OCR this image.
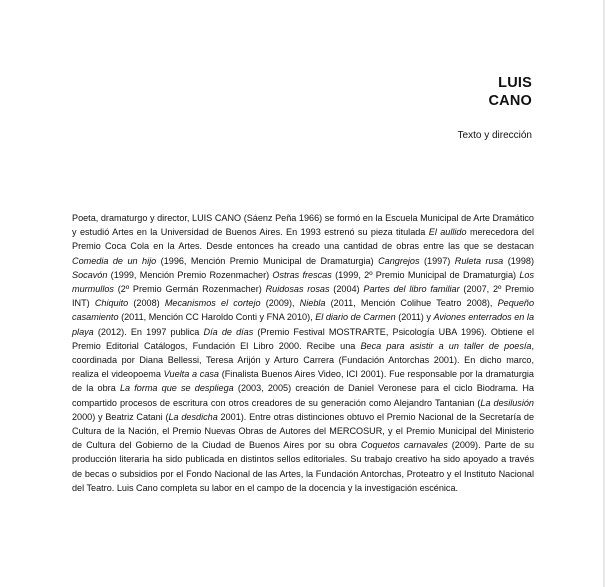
LUIS
CANO
Texto y dirección
Poeta, dramaturgo y director, LUIS CANO (Sáenz Peña 1966) se formó en la Escuela Municipal de Arte Dramático y estudió Artes en la Universidad de Buenos Aires. En 1993 estrenó su pieza titulada El aullido merecedora del Premio Coca Cola en la Artes. Desde entonces ha creado una cantidad de obras entre las que se destacan Comedia de un hijo (1996, Mención Premio Municipal de Dramaturgia) Cangrejos (1997) Ruleta rusa (1998) Socavón (1999, Mención Premio Rozenmacher) Ostras frescas (1999, 2º Premio Municipal de Dramaturgia) Los murmullos (2º Premio Germán Rozenmacher) Ruidosas rosas (2004) Partes del libro familiar (2007, 2º Premio INT) Chiquito (2008) Mecanismos el cortejo (2009), Niebla (2011, Mención Colihue Teatro 2008), Pequeño casamiento (2011, Mención CC Haroldo Conti y FNA 2010), El diario de Carmen (2011) y Aviones enterrados en la playa (2012). En 1997 publica Día de días (Premio Festival MOSTRARTE, Psicología UBA 1996). Obtiene el Premio Editorial Catálogos, Fundación El Libro 2000. Recibe una Beca para asistir a un taller de poesía, coordinada por Diana Bellessi, Teresa Arijón y Arturo Carrera (Fundación Antorchas 2001). En dicho marco, realiza el videopoema Vuelta a casa (Finalista Buenos Aires Video, ICI 2001). Fue responsable por la dramaturgia de la obra La forma que se despliega (2003, 2005) creación de Daniel Veronese para el ciclo Biodrama. Ha compartido procesos de escritura con otros creadores de su generación como Alejandro Tantanian (La desilusión 2000) y Beatriz Catani (La desdicha 2001). Entre otras distinciones obtuvo el Premio Nacional de la Secretaría de Cultura de la Nación, el Premio Nuevas Obras de Autores del MERCOSUR, y el Premio Municipal del Ministerio de Cultura del Gobierno de la Ciudad de Buenos Aires por su obra Coquetos carnavales (2009). Parte de su producción literaria ha sido publicada en distintos sellos editoriales. Su trabajo creativo ha sido apoyado a través de becas o subsidios por el Fondo Nacional de las Artes, la Fundación Antorchas, Proteatro y el Instituto Nacional del Teatro. Luis Cano completa su labor en el campo de la docencia y la investigación escénica.
